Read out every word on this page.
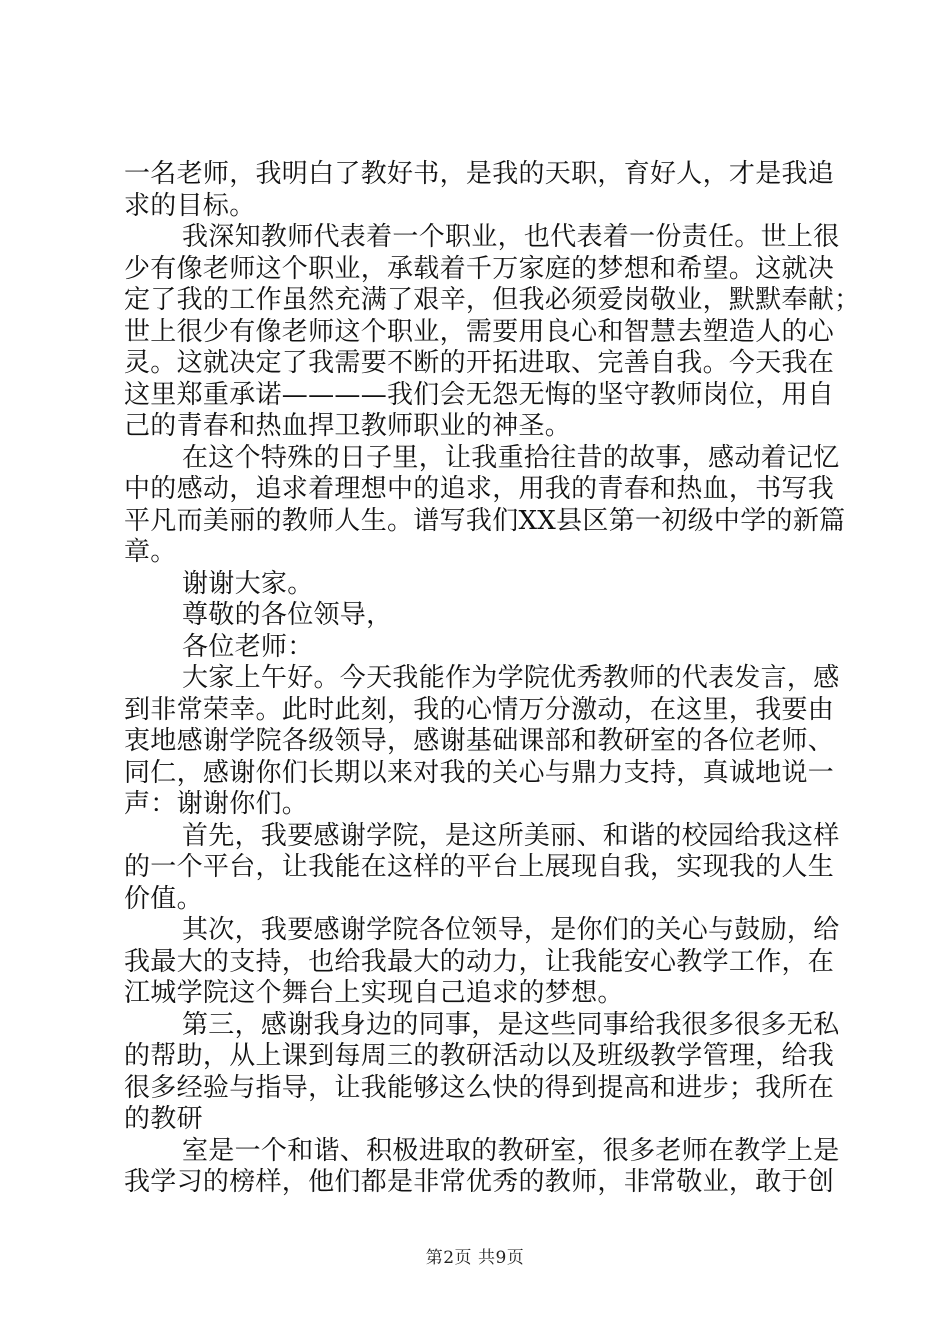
一名老师，我明白了教好书，是我的天职，育好人，才是我追
求的目标。
我深知教师代表着一个职业，也代表着一份责任。世上很
少有像老师这个职业，承载着千万家庭的梦想和希望。这就决
定了我的工作虽然充满了艰辛，但我必须爱岗敬业，默默奉献；
世上很少有像老师这个职业，需要用良心和智慧去塑造人的心
灵。这就决定了我需要不断的开拓进取、完善自我。今天我在
这里郑重承诺————我们会无怨无悔的坚守教师岗位，用自
己的青春和热血捍卫教师职业的神圣。
在这个特殊的日子里，让我重拾往昔的故事，感动着记忆
中的感动，追求着理想中的追求，用我的青春和热血，书写我
平凡而美丽的教师人生。谱写我们XX县区第一初级中学的新篇
章。
谢谢大家。
尊敬的各位领导，
各位老师：
大家上午好。今天我能作为学院优秀教师的代表发言，感
到非常荣幸。此时此刻，我的心情万分激动，在这里，我要由
衷地感谢学院各级领导，感谢基础课部和教研室的各位老师、
同仁，感谢你们长期以来对我的关心与鼎力支持，真诚地说一
声：谢谢你们。
首先，我要感谢学院，是这所美丽、和谐的校园给我这样
的一个平台，让我能在这样的平台上展现自我，实现我的人生
价值。
其次，我要感谢学院各位领导，是你们的关心与鼓励，给
我最大的支持，也给我最大的动力，让我能安心教学工作，在
江城学院这个舞台上实现自己追求的梦想。
第三，感谢我身边的同事，是这些同事给我很多很多无私
的帮助，从上课到每周三的教研活动以及班级教学管理，给我
很多经验与指导，让我能够这么快的得到提高和进步；我所在
的教研
室是一个和谐、积极进取的教研室，很多老师在教学上是
我学习的榜样，他们都是非常优秀的教师，非常敬业，敢于创
第2页 共9页
